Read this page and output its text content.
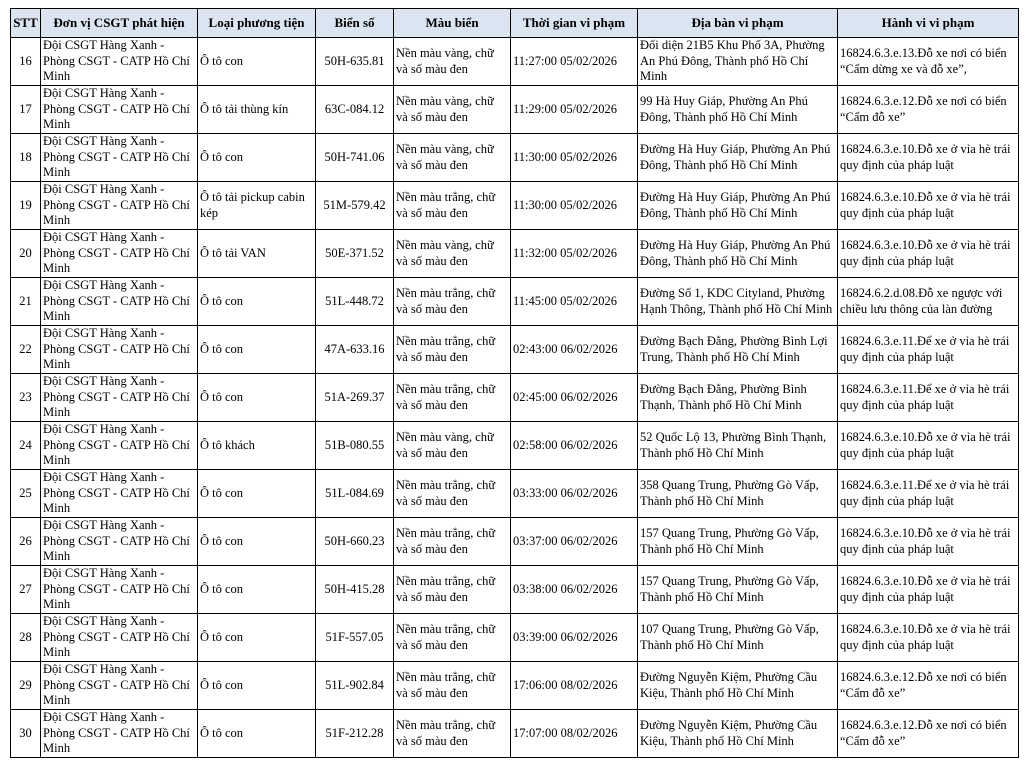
STT	Đơn vị CSGT phát hiện	Loại phương tiện	Biển số	Màu biển	Thời gian vi phạm	Địa bàn vi phạm	Hành vi vi phạm

16	Đội CSGT Hàng Xanh - Phòng CSGT - CATP Hồ Chí Minh	Ô tô con	50H-635.81	Nền màu vàng, chữ và số màu đen	11:27:00 05/02/2026	Đối diện 21B5 Khu Phố 3A, Phường An Phú Đông, Thành phố Hồ Chí Minh	16824.6.3.e.13.Đỗ xe nơi có biển “Cấm dừng xe và đỗ xe”,

17	Đội CSGT Hàng Xanh - Phòng CSGT - CATP Hồ Chí Minh	Ô tô tải thùng kín	63C-084.12	Nền màu vàng, chữ và số màu đen	11:29:00 05/02/2026	99 Hà Huy Giáp, Phường An Phú Đông, Thành phố Hồ Chí Minh	16824.6.3.e.12.Đỗ xe nơi có biển “Cấm đỗ xe”

18	Đội CSGT Hàng Xanh - Phòng CSGT - CATP Hồ Chí Minh	Ô tô con	50H-741.06	Nền màu vàng, chữ và số màu đen	11:30:00 05/02/2026	Đường Hà Huy Giáp, Phường An Phú Đông, Thành phố Hồ Chí Minh	16824.6.3.e.10.Đỗ xe ở vỉa hè trái quy định của pháp luật

19	Đội CSGT Hàng Xanh - Phòng CSGT - CATP Hồ Chí Minh	Ô tô tải pickup cabin kép	51M-579.42	Nền màu trắng, chữ và số màu đen	11:30:00 05/02/2026	Đường Hà Huy Giáp, Phường An Phú Đông, Thành phố Hồ Chí Minh	16824.6.3.e.10.Đỗ xe ở vỉa hè trái quy định của pháp luật

20	Đội CSGT Hàng Xanh - Phòng CSGT - CATP Hồ Chí Minh	Ô tô tải VAN	50E-371.52	Nền màu vàng, chữ và số màu đen	11:32:00 05/02/2026	Đường Hà Huy Giáp, Phường An Phú Đông, Thành phố Hồ Chí Minh	16824.6.3.e.10.Đỗ xe ở vỉa hè trái quy định của pháp luật

21	Đội CSGT Hàng Xanh - Phòng CSGT - CATP Hồ Chí Minh	Ô tô con	51L-448.72	Nền màu trắng, chữ và số màu đen	11:45:00 05/02/2026	Đường Số 1, KDC Cityland, Phường Hạnh Thông, Thành phố Hồ Chí Minh	16824.6.2.d.08.Đỗ xe ngược với chiều lưu thông của làn đường

22	Đội CSGT Hàng Xanh - Phòng CSGT - CATP Hồ Chí Minh	Ô tô con	47A-633.16	Nền màu trắng, chữ và số màu đen	02:43:00 06/02/2026	Đường Bạch Đằng, Phường Bình Lợi Trung, Thành phố Hồ Chí Minh	16824.6.3.e.11.Để xe ở vỉa hè trái quy định của pháp luật

23	Đội CSGT Hàng Xanh - Phòng CSGT - CATP Hồ Chí Minh	Ô tô con	51A-269.37	Nền màu trắng, chữ và số màu đen	02:45:00 06/02/2026	Đường Bạch Đằng, Phường Bình Thạnh, Thành phố Hồ Chí Minh	16824.6.3.e.11.Để xe ở vỉa hè trái quy định của pháp luật

24	Đội CSGT Hàng Xanh - Phòng CSGT - CATP Hồ Chí Minh	Ô tô khách	51B-080.55	Nền màu vàng, chữ và số màu đen	02:58:00 06/02/2026	52 Quốc Lộ 13, Phường Bình Thạnh, Thành phố Hồ Chí Minh	16824.6.3.e.10.Đỗ xe ở vỉa hè trái quy định của pháp luật

25	Đội CSGT Hàng Xanh - Phòng CSGT - CATP Hồ Chí Minh	Ô tô con	51L-084.69	Nền màu trắng, chữ và số màu đen	03:33:00 06/02/2026	358 Quang Trung, Phường Gò Vấp, Thành phố Hồ Chí Minh	16824.6.3.e.11.Để xe ở vỉa hè trái quy định của pháp luật

26	Đội CSGT Hàng Xanh - Phòng CSGT - CATP Hồ Chí Minh	Ô tô con	50H-660.23	Nền màu trắng, chữ và số màu đen	03:37:00 06/02/2026	157 Quang Trung, Phường Gò Vấp, Thành phố Hồ Chí Minh	16824.6.3.e.10.Đỗ xe ở vỉa hè trái quy định của pháp luật

27	Đội CSGT Hàng Xanh - Phòng CSGT - CATP Hồ Chí Minh	Ô tô con	50H-415.28	Nền màu trắng, chữ và số màu đen	03:38:00 06/02/2026	157 Quang Trung, Phường Gò Vấp, Thành phố Hồ Chí Minh	16824.6.3.e.10.Đỗ xe ở vỉa hè trái quy định của pháp luật

28	Đội CSGT Hàng Xanh - Phòng CSGT - CATP Hồ Chí Minh	Ô tô con	51F-557.05	Nền màu trắng, chữ và số màu đen	03:39:00 06/02/2026	107 Quang Trung, Phường Gò Vấp, Thành phố Hồ Chí Minh	16824.6.3.e.10.Đỗ xe ở vỉa hè trái quy định của pháp luật

29	Đội CSGT Hàng Xanh - Phòng CSGT - CATP Hồ Chí Minh	Ô tô con	51L-902.84	Nền màu trắng, chữ và số màu đen	17:06:00 08/02/2026	Đường Nguyễn Kiệm, Phường Cầu Kiệu, Thành phố Hồ Chí Minh	16824.6.3.e.12.Đỗ xe nơi có biển “Cấm đỗ xe”

30	Đội CSGT Hàng Xanh - Phòng CSGT - CATP Hồ Chí Minh	Ô tô con	51F-212.28	Nền màu trắng, chữ và số màu đen	17:07:00 08/02/2026	Đường Nguyễn Kiệm, Phường Cầu Kiệu, Thành phố Hồ Chí Minh	16824.6.3.e.12.Đỗ xe nơi có biển “Cấm đỗ xe”
